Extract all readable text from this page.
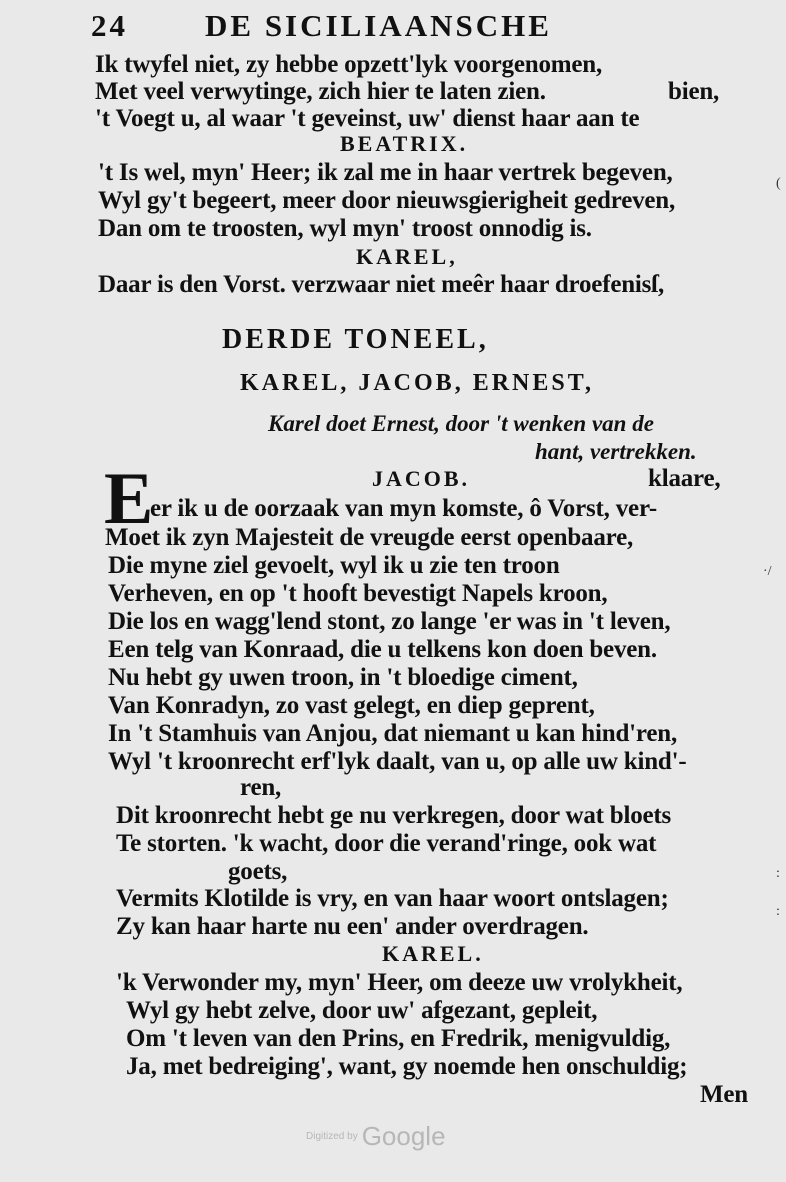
24 DE SICILIAANSCHE
Ik twyfel niet, zy hebbe opzett'lyk voorgenomen,
Met veel verwytinge, zich hier te laten zien.	bien,
't Voegt u, al waar 't geveinst, uw' dienst haar aan te
BEATRIX.
't Is wel, myn' Heer; ik zal me in haar vertrek begeven,
Wyl gy't begeert, meer door nieuwsgierigheit gedreven,
Dan om te troosten, wyl myn' troost onnodig is.
KAREL,
Daar is den Vorst. verzwaar niet meêr haar droefenisſ,
DERDE TONEEL,
KAREL, JACOB, ERNEST,
Karel doet Ernest, door 't wenken van de
hant, vertrekken.
E	JACOB.	klaare,
er ik u de oorzaak van myn komste, ô Vorst, ver-
Moet ik zyn Majesteit de vreugde eerst openbaare,
Die myne ziel gevoelt, wyl ik u zie ten troon
Verheven, en op 't hooft bevestigt Napels kroon,
Die los en wagg'lend stont, zo lange 'er was in 't leven,
Een telg van Konraad, die u telkens kon doen beven.
Nu hebt gy uwen troon, in 't bloedige ciment,
Van Konradyn, zo vast gelegt, en diep geprent,
In 't Stamhuis van Anjou, dat niemant u kan hind'ren,
Wyl 't kroonrecht erf'lyk daalt, van u, op alle uw kind'-
ren,
Dit kroonrecht hebt ge nu verkregen, door wat bloets
Te storten. 'k wacht, door die verand'ringe, ook wat
goets,
Vermits Klotilde is vry, en van haar woort ontslagen;
Zy kan haar harte nu een' ander overdragen.
KAREL.
'k Verwonder my, myn' Heer, om deeze uw vrolykheit,
Wyl gy hebt zelve, door uw' afgezant, gepleit,
Om 't leven van den Prins, en Fredrik, menigvuldig,
Ja, met bedreiging', want, gy noemde hen onschuldig;
Men
(
·/
:
:
Digitized by Google
